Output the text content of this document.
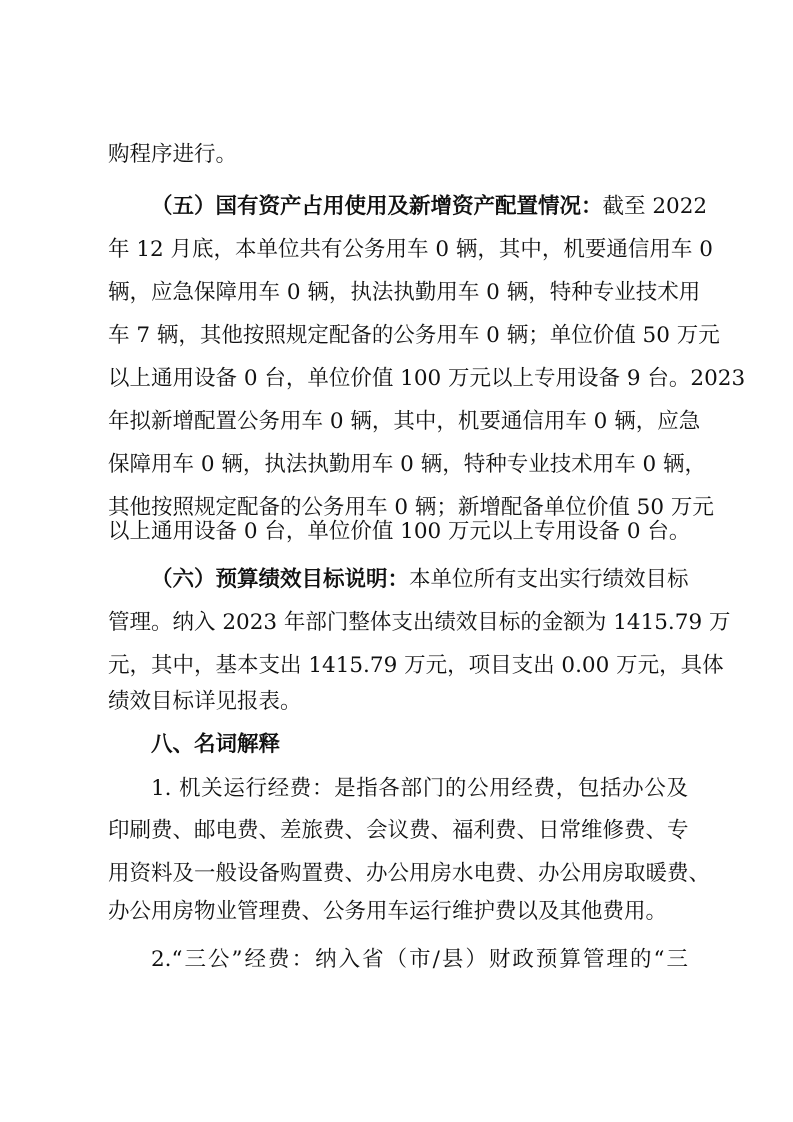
购程序进行。
（五）国有资产占用使用及新增资产配置情况：截至 2022
年 12 月底，本单位共有公务用车 0 辆，其中，机要通信用车 0
辆，应急保障用车 0 辆，执法执勤用车 0 辆，特种专业技术用
车 7 辆，其他按照规定配备的公务用车 0 辆；单位价值 50 万元
以上通用设备 0 台，单位价值 100 万元以上专用设备 9 台。2023
年拟新增配置公务用车 0 辆，其中，机要通信用车 0 辆，应急
保障用车 0 辆，执法执勤用车 0 辆，特种专业技术用车 0 辆，
其他按照规定配备的公务用车 0 辆；新增配备单位价值 50 万元
以上通用设备 0 台，单位价值 100 万元以上专用设备 0 台。
（六）预算绩效目标说明：本单位所有支出实行绩效目标
管理。纳入 2023 年部门整体支出绩效目标的金额为 1415.79 万
元，其中，基本支出 1415.79 万元，项目支出 0.00 万元，具体
绩效目标详见报表。
八、名词解释
1. 机关运行经费：是指各部门的公用经费，包括办公及
印刷费、邮电费、差旅费、会议费、福利费、日常维修费、专
用资料及一般设备购置费、办公用房水电费、办公用房取暖费、
办公用房物业管理费、公务用车运行维护费以及其他费用。
2.“三公”经费：纳入省（市/县）财政预算管理的“三
